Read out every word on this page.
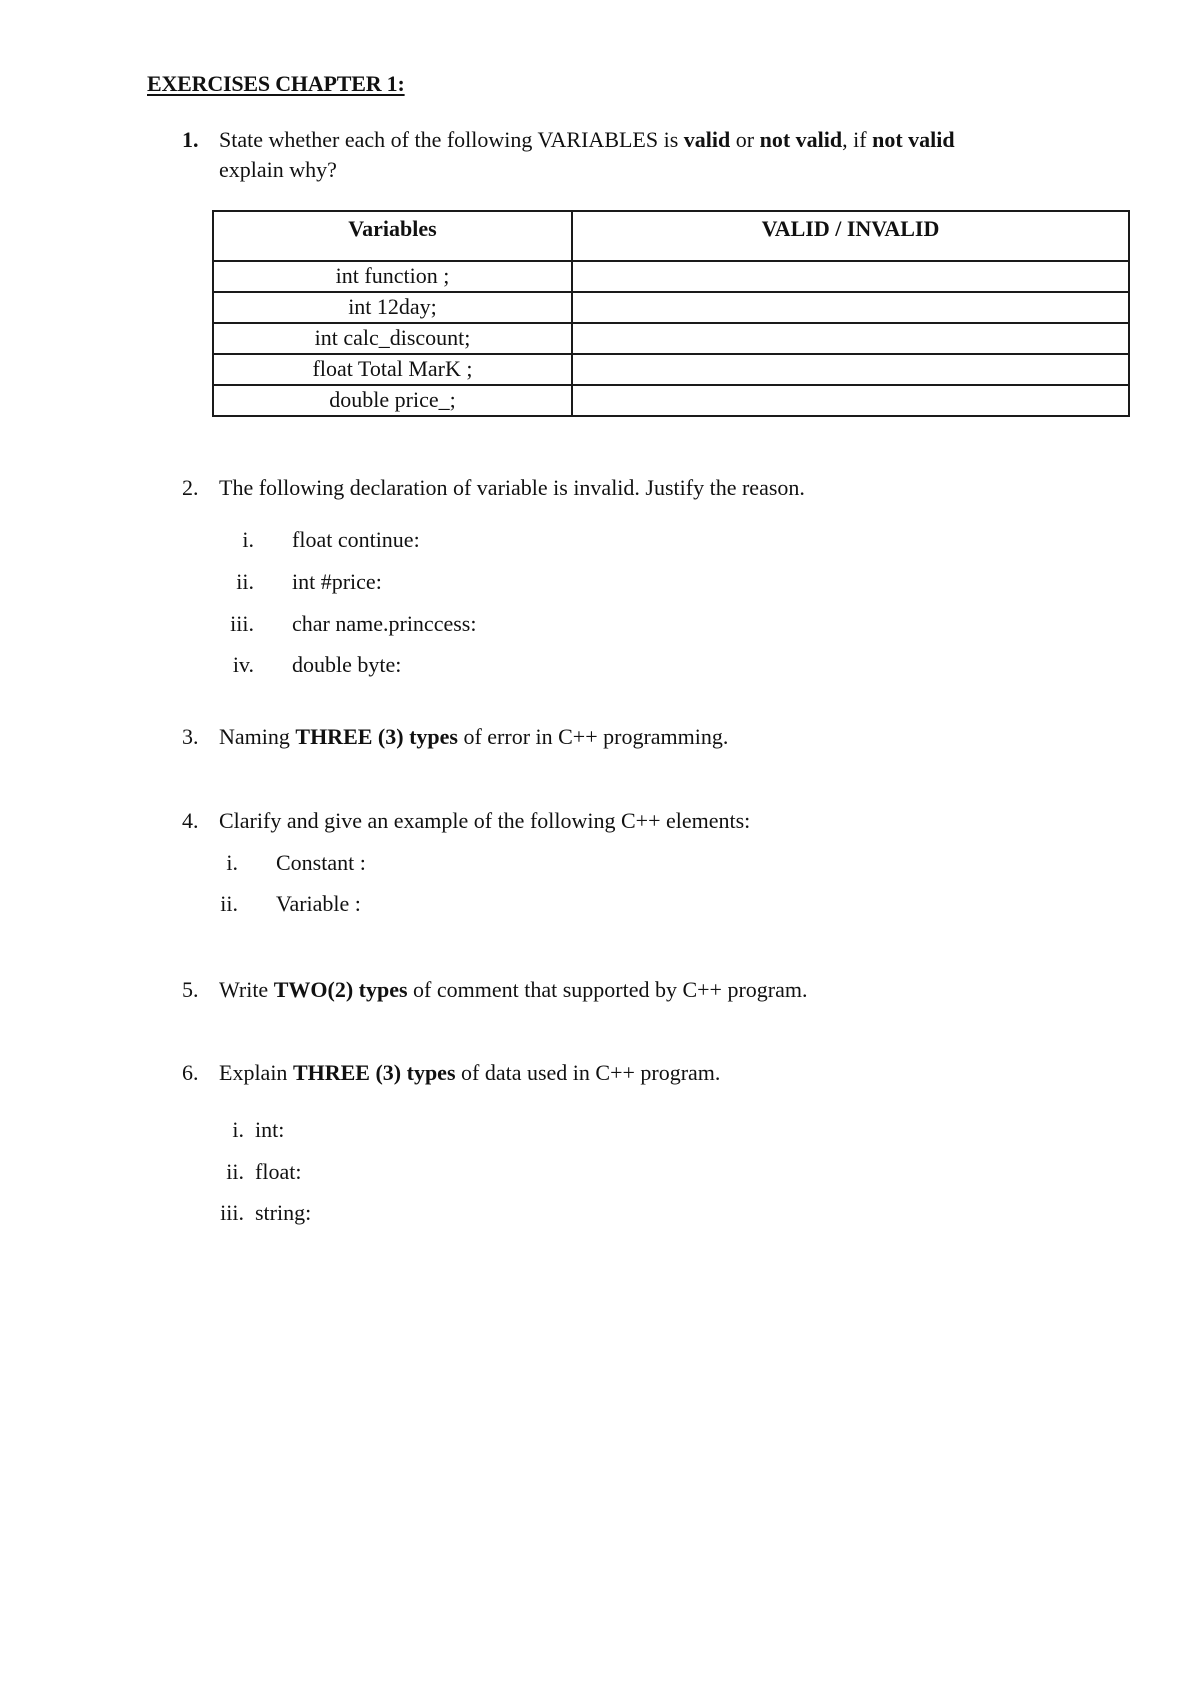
EXERCISES CHAPTER 1:
1. State whether each of the following VARIABLES is valid or not valid, if not valid
explain why?
Variables	VALID / INVALID
int function ;	
int 12day;	
int calc_discount;	
float Total MarK ;	
double price_;	
2. The following declaration of variable is invalid. Justify the reason.
i. float continue:
ii. int #price:
iii. char name.princcess:
iv. double byte:
3. Naming THREE (3) types of error in C++ programming.
4. Clarify and give an example of the following C++ elements:
i. Constant :
ii. Variable :
5. Write TWO(2) types of comment that supported by C++ program.
6. Explain THREE (3) types of data used in C++ program.
i. int:
ii. float:
iii. string:
